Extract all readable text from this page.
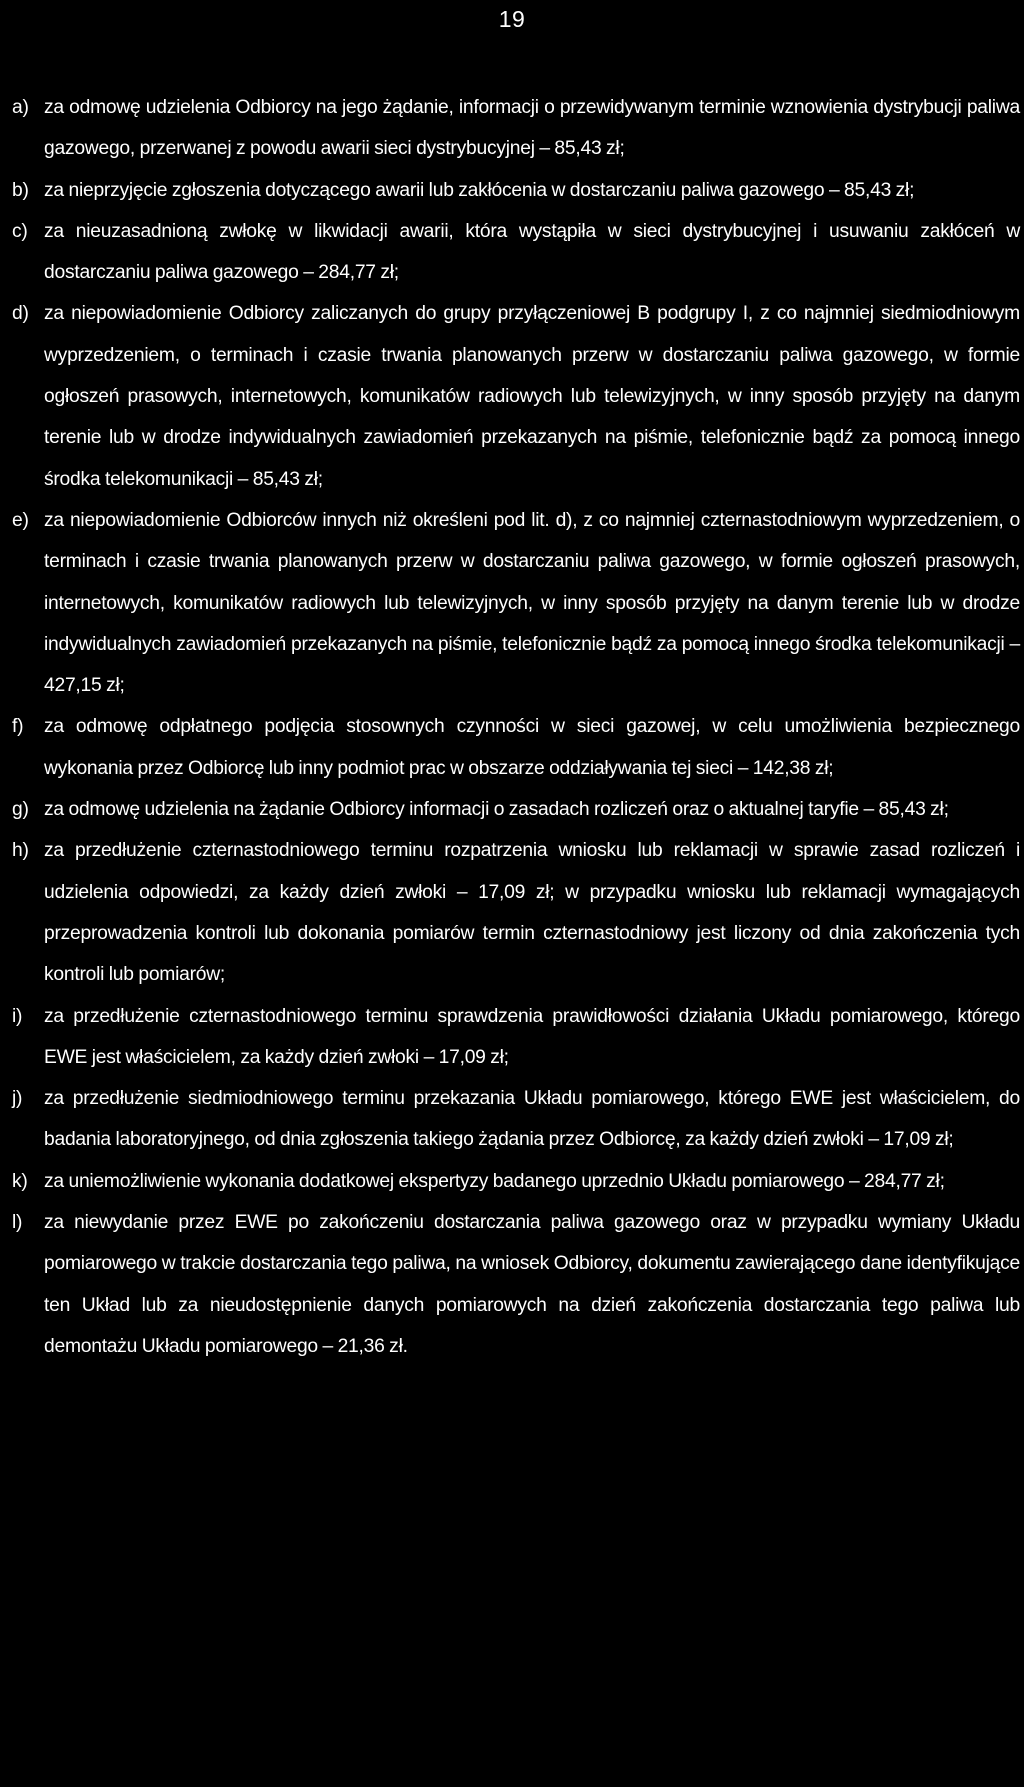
19
a) za odmowę udzielenia Odbiorcy na jego żądanie, informacji o przewidywanym terminie wznowienia dystrybucji paliwa gazowego, przerwanej z powodu awarii sieci dystrybucyjnej – 85,43 zł;
b) za nieprzyjęcie zgłoszenia dotyczącego awarii lub zakłócenia w dostarczaniu paliwa gazowego – 85,43 zł;
c) za nieuzasadnioną zwłokę w likwidacji awarii, która wystąpiła w sieci dystrybucyjnej i usuwaniu zakłóceń w dostarczaniu paliwa gazowego – 284,77 zł;
d) za niepowiadomienie Odbiorcy zaliczanych do grupy przyłączeniowej B podgrupy I, z co najmniej siedmiodniowym wyprzedzeniem, o terminach i czasie trwania planowanych przerw w dostarczaniu paliwa gazowego, w formie ogłoszeń prasowych, internetowych, komunikatów radiowych lub telewizyjnych, w inny sposób przyjęty na danym terenie lub w drodze indywidualnych zawiadomień przekazanych na piśmie, telefonicznie bądź za pomocą innego środka telekomunikacji – 85,43 zł;
e) za niepowiadomienie Odbiorców innych niż określeni pod lit. d), z co najmniej czternastodniowym wyprzedzeniem, o terminach i czasie trwania planowanych przerw w dostarczaniu paliwa gazowego, w formie ogłoszeń prasowych, internetowych, komunikatów radiowych lub telewizyjnych, w inny sposób przyjęty na danym terenie lub w drodze indywidualnych zawiadomień przekazanych na piśmie, telefonicznie bądź za pomocą innego środka telekomunikacji – 427,15 zł;
f)	za odmowę odpłatnego podjęcia stosownych czynności w sieci gazowej, w celu umożliwienia bezpiecznego wykonania przez Odbiorcę lub inny podmiot prac w obszarze oddziaływania tej sieci – 142,38 zł;
g) za odmowę udzielenia na żądanie Odbiorcy informacji o zasadach rozliczeń oraz o aktualnej taryfie – 85,43 zł;
h) za przedłużenie czternastodniowego terminu rozpatrzenia wniosku lub reklamacji w sprawie zasad rozliczeń i udzielenia odpowiedzi, za każdy dzień zwłoki – 17,09 zł; w przypadku wniosku lub reklamacji wymagających przeprowadzenia kontroli lub dokonania pomiarów termin czternastodniowy jest liczony od dnia zakończenia tych kontroli lub pomiarów;
i)	za przedłużenie czternastodniowego terminu sprawdzenia prawidłowości działania Układu pomiarowego, którego EWE jest właścicielem, za każdy dzień zwłoki – 17,09 zł;
j)	za przedłużenie siedmiodniowego terminu przekazania Układu pomiarowego, którego EWE jest właścicielem, do badania laboratoryjnego, od dnia zgłoszenia takiego żądania przez Odbiorcę, za każdy dzień zwłoki – 17,09 zł;
k) za uniemożliwienie wykonania dodatkowej ekspertyzy badanego uprzednio Układu pomiarowego – 284,77 zł;
l)	za niewydanie przez EWE po zakończeniu dostarczania paliwa gazowego oraz w przypadku wymiany Układu pomiarowego w trakcie dostarczania tego paliwa, na wniosek Odbiorcy, dokumentu zawierającego dane identyfikujące ten Układ lub za nieudostępnienie danych pomiarowych na dzień zakończenia dostarczania tego paliwa lub demontażu Układu pomiarowego – 21,36 zł.
